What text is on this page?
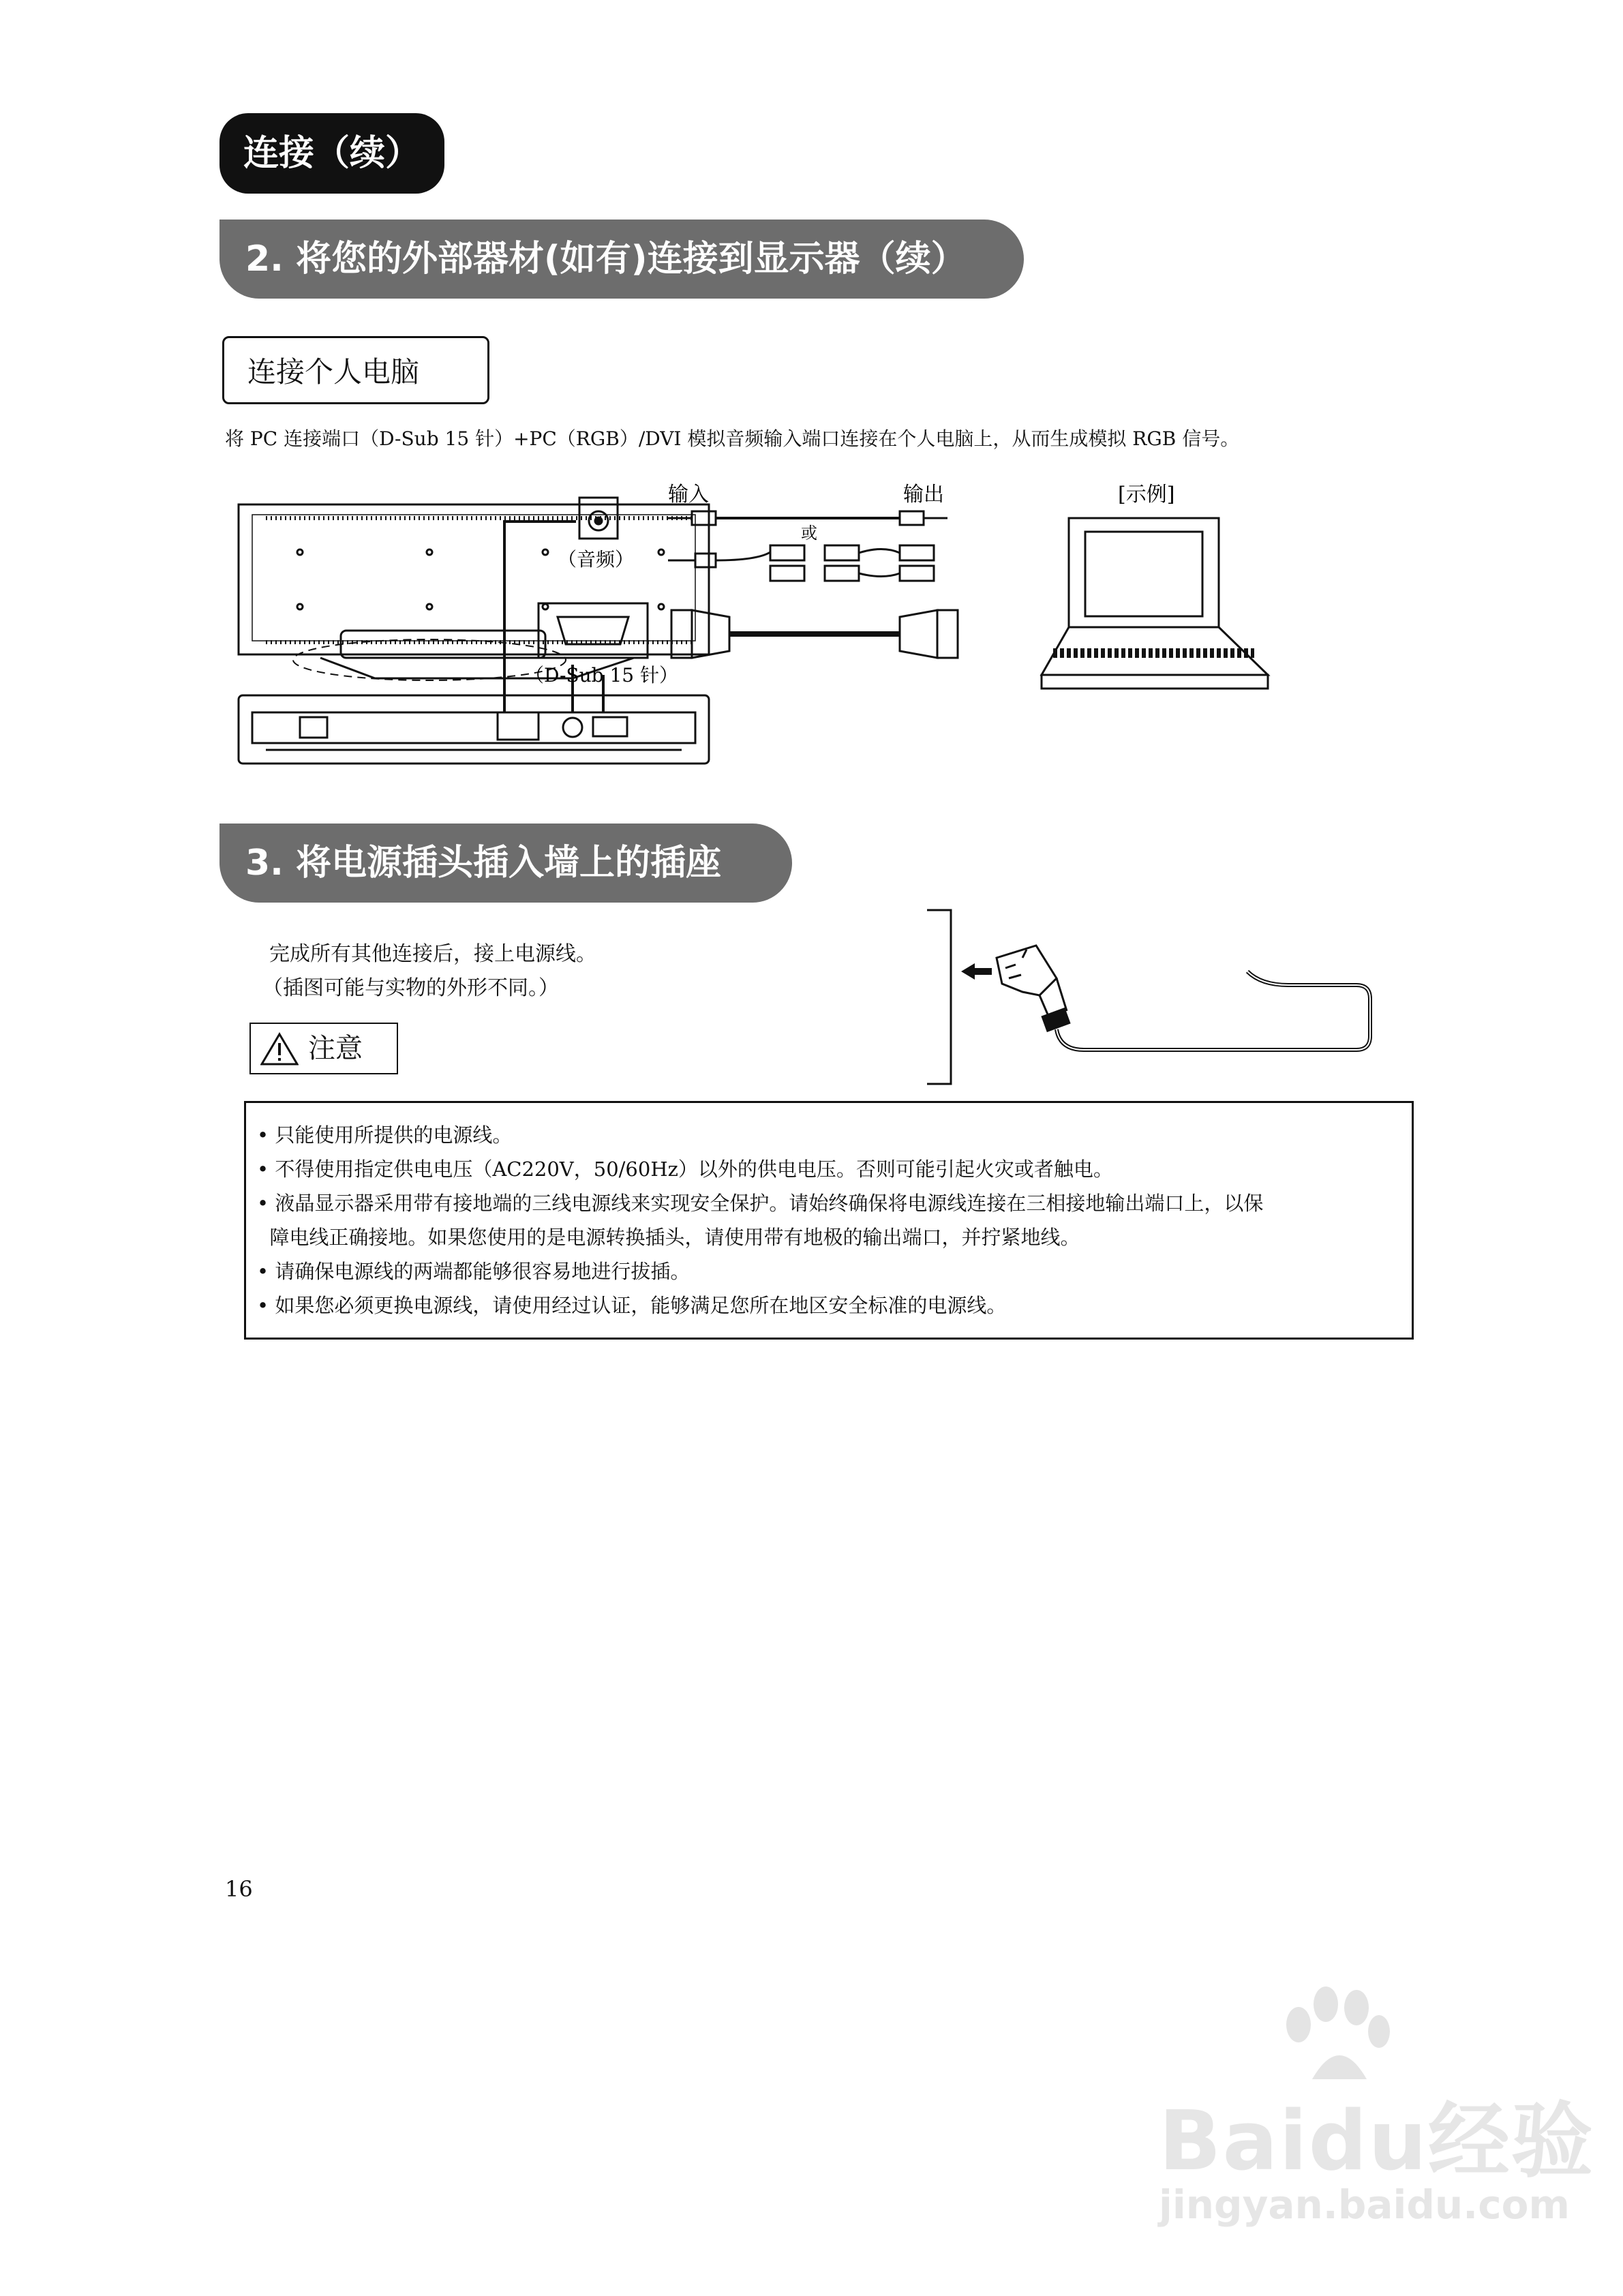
连接（续）
2. 将您的外部器材(如有)连接到显示器（续）
连接个人电脑
将 PC 连接端口（D-Sub 15 针）+PC（RGB）/DVI 模拟音频输入端口连接在个人电脑上，从而生成模拟 RGB 信号。
（音频）
（D-Sub 15 针）
输入	输出
或
[示例]
3. 将电源插头插入墙上的插座
完成所有其他连接后，接上电源线。
（插图可能与实物的外形不同。）
注意
• 只能使用所提供的电源线。
• 不得使用指定供电电压（AC220V，50/60Hz）以外的供电电压。否则可能引起火灾或者触电。
• 液晶显示器采用带有接地端的三线电源线来实现安全保护。请始终确保将电源线连接在三相接地输出端口上，以保
障电线正确接地。如果您使用的是电源转换插头，请使用带有地极的输出端口，并拧紧地线。
• 请确保电源线的两端都能够很容易地进行拔插。
• 如果您必须更换电源线，请使用经过认证，能够满足您所在地区安全标准的电源线。
16
Baidu经验
jingyan.baidu.com
